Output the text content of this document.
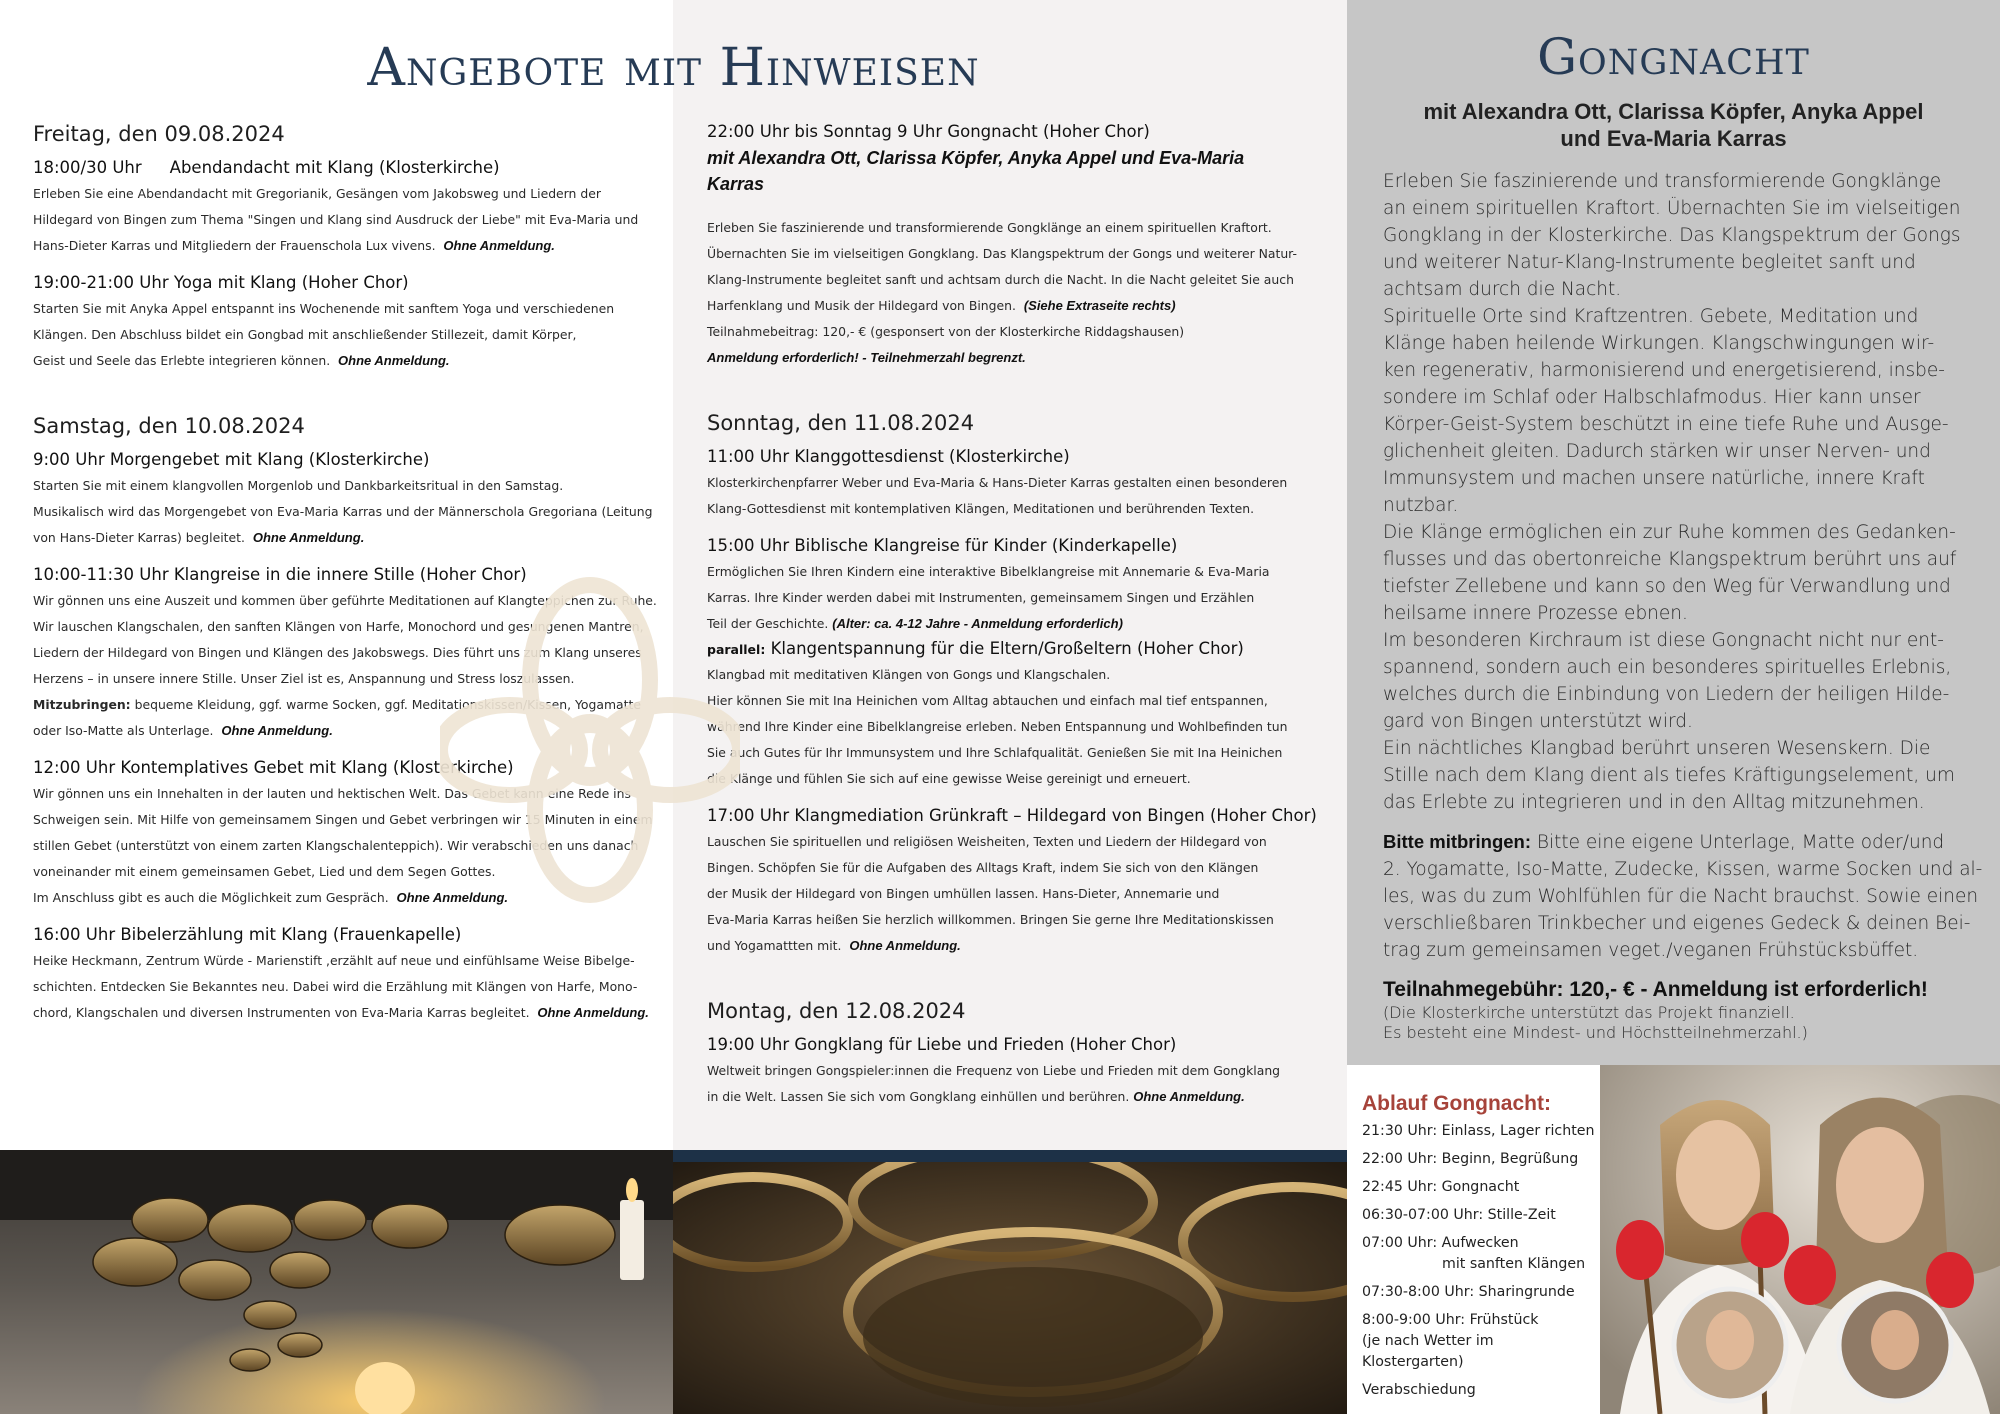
Freitag, den 09.08.2024
18:00/30 Uhr Abendandacht mit Klang (Klosterkirche)
Erleben Sie eine Abendandacht mit Gregorianik, Gesängen vom Jakobsweg und Liedern der
Hildegard von Bingen zum Thema "Singen und Klang sind Ausdruck der Liebe" mit Eva-Maria und
Hans-Dieter Karras und Mitgliedern der Frauenschola Lux vivens. Ohne Anmeldung.
19:00-21:00 Uhr Yoga mit Klang (Hoher Chor)
Starten Sie mit Anyka Appel entspannt ins Wochenende mit sanftem Yoga und verschiedenen
Klängen. Den Abschluss bildet ein Gongbad mit anschließender Stillezeit, damit Körper,
Geist und Seele das Erlebte integrieren können. Ohne Anmeldung.
Samstag, den 10.08.2024
9:00 Uhr Morgengebet mit Klang (Klosterkirche)
Starten Sie mit einem klangvollen Morgenlob und Dankbarkeitsritual in den Samstag.
Musikalisch wird das Morgengebet von Eva-Maria Karras und der Männerschola Gregoriana (Leitung
von Hans-Dieter Karras) begleitet. Ohne Anmeldung.
10:00-11:30 Uhr Klangreise in die innere Stille (Hoher Chor)
Wir gönnen uns eine Auszeit und kommen über geführte Meditationen auf Klangteppichen zur Ruhe.
Wir lauschen Klangschalen, den sanften Klängen von Harfe, Monochord und gesungenen Mantren,
Liedern der Hildegard von Bingen und Klängen des Jakobswegs. Dies führt uns zum Klang unseres
Herzens – in unsere innere Stille. Unser Ziel ist es, Anspannung und Stress loszulassen.
Mitzubringen: bequeme Kleidung, ggf. warme Socken, ggf. Meditationskissen/Kissen, Yogamatte
oder Iso-Matte als Unterlage. Ohne Anmeldung.
12:00 Uhr Kontemplatives Gebet mit Klang (Klosterkirche)
Wir gönnen uns ein Innehalten in der lauten und hektischen Welt. Das Gebet kann eine Rede ins
Schweigen sein. Mit Hilfe von gemeinsamem Singen und Gebet verbringen wir 15 Minuten in einem
stillen Gebet (unterstützt von einem zarten Klangschalenteppich). Wir verabschieden uns danach
voneinander mit einem gemeinsamen Gebet, Lied und dem Segen Gottes.
Im Anschluss gibt es auch die Möglichkeit zum Gespräch. Ohne Anmeldung.
16:00 Uhr Bibelerzählung mit Klang (Frauenkapelle)
Heike Heckmann, Zentrum Würde - Marienstift ,erzählt auf neue und einfühlsame Weise Bibelge-
schichten. Entdecken Sie Bekanntes neu. Dabei wird die Erzählung mit Klängen von Harfe, Mono-
chord, Klangschalen und diversen Instrumenten von Eva-Maria Karras begleitet. Ohne Anmeldung.
22:00 Uhr bis Sonntag 9 Uhr Gongnacht (Hoher Chor)
mit Alexandra Ott, Clarissa Köpfer, Anyka Appel und Eva-Maria
Karras
Erleben Sie faszinierende und transformierende Gongklänge an einem spirituellen Kraftort.
Übernachten Sie im vielseitigen Gongklang. Das Klangspektrum der Gongs und weiterer Natur-
Klang-Instrumente begleitet sanft und achtsam durch die Nacht. In die Nacht geleitet Sie auch
Harfenklang und Musik der Hildegard von Bingen. (Siehe Extraseite rechts)
Teilnahmebeitrag: 120,- € (gesponsert von der Klosterkirche Riddagshausen)
Anmeldung erforderlich! - Teilnehmerzahl begrenzt.
Sonntag, den 11.08.2024
11:00 Uhr Klanggottesdienst (Klosterkirche)
Klosterkirchenpfarrer Weber und Eva-Maria & Hans-Dieter Karras gestalten einen besonderen
Klang-Gottesdienst mit kontemplativen Klängen, Meditationen und berührenden Texten.
15:00 Uhr Biblische Klangreise für Kinder (Kinderkapelle)
Ermöglichen Sie Ihren Kindern eine interaktive Bibelklangreise mit Annemarie & Eva-Maria
Karras. Ihre Kinder werden dabei mit Instrumenten, gemeinsamem Singen und Erzählen
Teil der Geschichte. (Alter: ca. 4-12 Jahre - Anmeldung erforderlich)
parallel: Klangentspannung für die Eltern/Großeltern (Hoher Chor)
Klangbad mit meditativen Klängen von Gongs und Klangschalen.
Hier können Sie mit Ina Heinichen vom Alltag abtauchen und einfach mal tief entspannen,
während Ihre Kinder eine Bibelklangreise erleben. Neben Entspannung und Wohlbefinden tun
Sie auch Gutes für Ihr Immunsystem und Ihre Schlafqualität. Genießen Sie mit Ina Heinichen
die Klänge und fühlen Sie sich auf eine gewisse Weise gereinigt und erneuert.
17:00 Uhr Klangmediation Grünkraft – Hildegard von Bingen (Hoher Chor)
Lauschen Sie spirituellen und religiösen Weisheiten, Texten und Liedern der Hildegard von
Bingen. Schöpfen Sie für die Aufgaben des Alltags Kraft, indem Sie sich von den Klängen
der Musik der Hildegard von Bingen umhüllen lassen. Hans-Dieter, Annemarie und
Eva-Maria Karras heißen Sie herzlich willkommen. Bringen Sie gerne Ihre Meditationskissen
und Yogamattten mit. Ohne Anmeldung.
Montag, den 12.08.2024
19:00 Uhr Gongklang für Liebe und Frieden (Hoher Chor)
Weltweit bringen Gongspieler:innen die Frequenz von Liebe und Frieden mit dem Gongklang
in die Welt. Lassen Sie sich vom Gongklang einhüllen und berühren. Ohne Anmeldung.
Angebote mit Hinweisen	Gongnacht
mit Alexandra Ott, Clarissa Köpfer, Anyka Appel
und Eva-Maria Karras
Erleben Sie faszinierende und transformierende Gongklänge
an einem spirituellen Kraftort. Übernachten Sie im vielseitigen
Gongklang in der Klosterkirche. Das Klangspektrum der Gongs
und weiterer Natur-Klang-Instrumente begleitet sanft und
achtsam durch die Nacht.
Spirituelle Orte sind Kraftzentren. Gebete, Meditation und
Klänge haben heilende Wirkungen. Klangschwingungen wir-
ken regenerativ, harmonisierend und energetisierend, insbe-
sondere im Schlaf oder Halbschlafmodus. Hier kann unser
Körper-Geist-System beschützt in eine tiefe Ruhe und Ausge-
glichenheit gleiten. Dadurch stärken wir unser Nerven- und
Immunsystem und machen unsere natürliche, innere Kraft
nutzbar.
Die Klänge ermöglichen ein zur Ruhe kommen des Gedanken-
flusses und das obertonreiche Klangspektrum berührt uns auf
tiefster Zellebene und kann so den Weg für Verwandlung und
heilsame innere Prozesse ebnen.
Im besonderen Kirchraum ist diese Gongnacht nicht nur ent-
spannend, sondern auch ein besonderes spirituelles Erlebnis,
welches durch die Einbindung von Liedern der heiligen Hilde-
gard von Bingen unterstützt wird.
Ein nächtliches Klangbad berührt unseren Wesenskern. Die
Stille nach dem Klang dient als tiefes Kräftigungselement, um
das Erlebte zu integrieren und in den Alltag mitzunehmen.

Bitte mitbringen: Bitte eine eigene Unterlage, Matte oder/und

2. Yogamatte, Iso-Matte, Zudecke, Kissen, warme Socken und al-
les, was du zum Wohlfühlen für die Nacht brauchst. Sowie einen
verschließbaren Trinkbecher und eigenes Gedeck & deinen Bei-
trag zum gemeinsamen veget./veganen Frühstücksbüffet.

Teilnahmegebühr: 120,- € - Anmeldung ist erforderlich!

(Die Klosterkirche unterstützt das Projekt finanziell.
Es besteht eine Mindest- und Höchstteilnehmerzahl.)
Ablauf Gongnacht:
21:30 Uhr: Einlass, Lager richten
22:00 Uhr: Beginn, Begrüßung
22:45 Uhr: Gongnacht
06:30-07:00 Uhr: Stille-Zeit
07:00 Uhr: Aufwecken
mit sanften Klängen
07:30-8:00 Uhr: Sharingrunde
8:00-9:00 Uhr: Frühstück
(je nach Wetter im Klostergarten)
Verabschiedung
